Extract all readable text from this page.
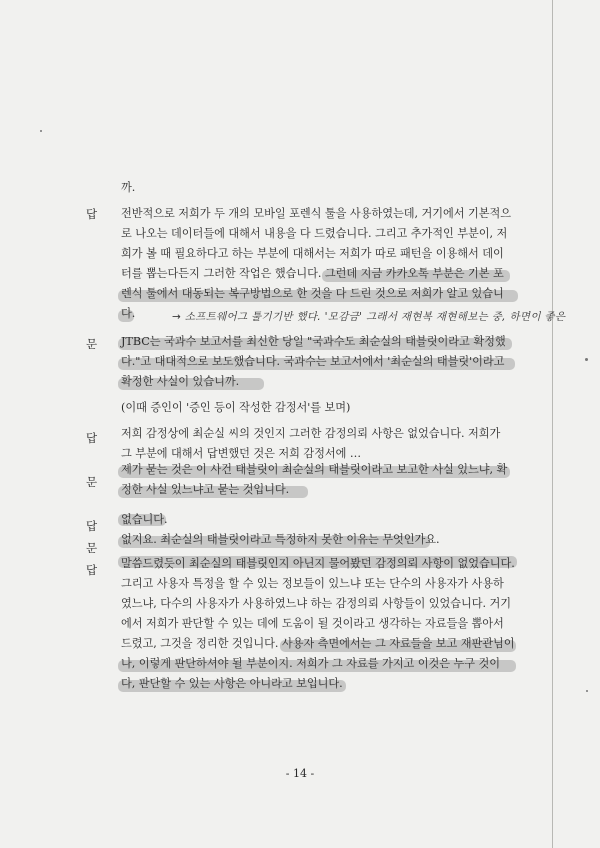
답
문
답
문
답
문
답
까.
전반적으로 저희가 두 개의 모바일 포렌식 툴을 사용하였는데, 거기에서 기본적으
로 나오는 데이터들에 대해서 내용을 다 드렸습니다. 그리고 추가적인 부분이, 저
희가 볼 때 필요하다고 하는 부분에 대해서는 저희가 따로 패턴을 이용해서 데이
터를 뽑는다든지 그러한 작업은 했습니다. 그런데 지금 카카오톡 부분은 기본 포
렌식 툴에서 대동되는 복구방법으로 한 것을 다 드린 것으로 저희가 알고 있습니
다.
JTBC는 국과수 보고서를 최신한 당일 "국과수도 최순실의 태블릿이라고 확정했
다."고 대대적으로 보도했습니다. 국과수는 보고서에서 '최순실의 태블릿'이라고
확정한 사실이 있습니까.
(이때 증인이 '증인 등이 작성한 감정서'를 보며)
저희 감정상에 최순실 씨의 것인지 그러한 감정의뢰 사항은 없었습니다. 저희가
그 부분에 대해서 답변했던 것은 저희 감정서에 …
제가 묻는 것은 이 사건 태블릿이 최순실의 태블릿이라고 보고한 사실 있느냐, 확
정한 사실 있느냐고 묻는 것입니다.
없습니다.
없지요. 최순실의 태블릿이라고 특정하지 못한 이유는 무엇인가요.
말씀드렸듯이 최순실의 태블릿인지 아닌지 물어봤던 감정의뢰 사항이 없었습니다.
그리고 사용자 특정을 할 수 있는 정보들이 있느냐 또는 단수의 사용자가 사용하
였느냐, 다수의 사용자가 사용하였느냐 하는 감정의뢰 사항들이 있었습니다. 거기
에서 저희가 판단할 수 있는 데에 도움이 될 것이라고 생각하는 자료들을 뽑아서
드렸고, 그것을 정리한 것입니다. 사용자 측면에서는 그 자료들을 보고 재판관님이
나, 이렇게 판단하셔야 될 부분이지. 저희가 그 자료를 가지고 이것은 누구 것이
다, 판단할 수 있는 사항은 아니라고 보입니다.
→ 소프트웨어그 툴기기반 했다. '모감금' 그래서 재현복 재현해보는 중, 하면이 좋은
- 14 -
